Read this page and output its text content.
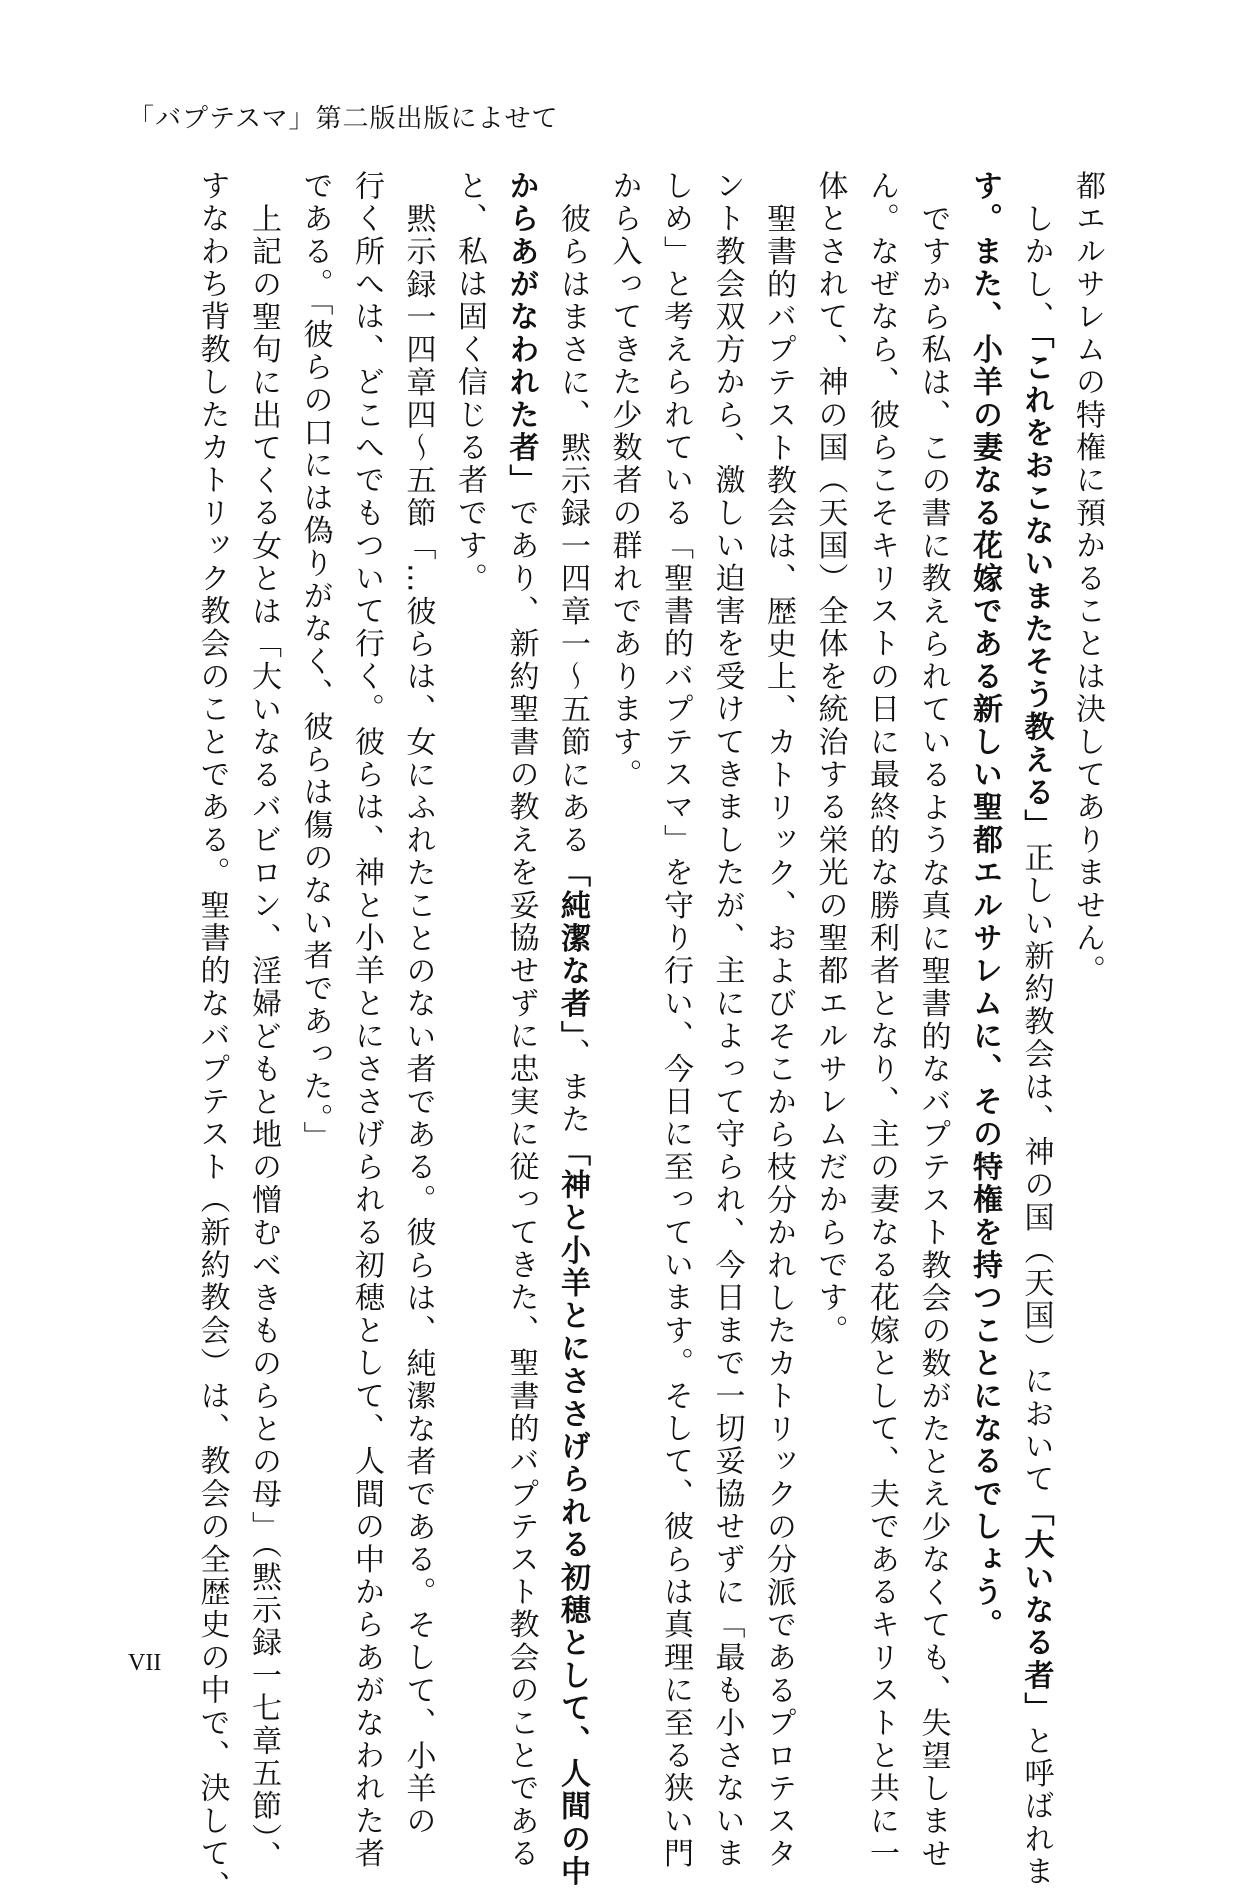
「バプテスマ」第二版出版によせて
都エルサレムの特権に預かることは決してありません。
しかし、「これをおこないまたそう教える」正しい新約教会は、神の国（天国）において「大いなる者」と呼ばれま
す。また、小羊の妻なる花嫁である新しい聖都エルサレムに、その特権を持つことになるでしょう。
ですから私は、この書に教えられているような真に聖書的なバプテスト教会の数がたとえ少なくても、失望しませ
ん。なぜなら、彼らこそキリストの日に最終的な勝利者となり、主の妻なる花嫁として、夫であるキリストと共に一
体とされて、神の国（天国）全体を統治する栄光の聖都エルサレムだからです。
聖書的バプテスト教会は、歴史上、カトリック、およびそこから枝分かれしたカトリックの分派であるプロテスタ
ント教会双方から、激しい迫害を受けてきましたが、主によって守られ、今日まで一切妥協せずに「最も小さないま
しめ」と考えられている「聖書的バプテスマ」を守り行い、今日に至っています。そして、彼らは真理に至る狭い門
から入ってきた少数者の群れであります。
彼らはまさに、黙示録一四章一～五節にある「純潔な者」、また「神と小羊とにささげられる初穂として、人間の中
からあがなわれた者」であり、新約聖書の教えを妥協せずに忠実に従ってきた、聖書的バプテスト教会のことである
と、私は固く信じる者です。
黙示録一四章四～五節「…彼らは、女にふれたことのない者である。彼らは、純潔な者である。そして、小羊の
行く所へは、どこへでもついて行く。彼らは、神と小羊とにささげられる初穂として、人間の中からあがなわれた者
である。「彼らの口には偽りがなく、彼らは傷のない者であった。」
上記の聖句に出てくる女とは「大いなるバビロン、淫婦どもと地の憎むべきものらとの母」（黙示録一七章五節）、
すなわち背教したカトリック教会のことである。聖書的なバプテスト（新約教会）は、教会の全歴史の中で、決して、
VII
